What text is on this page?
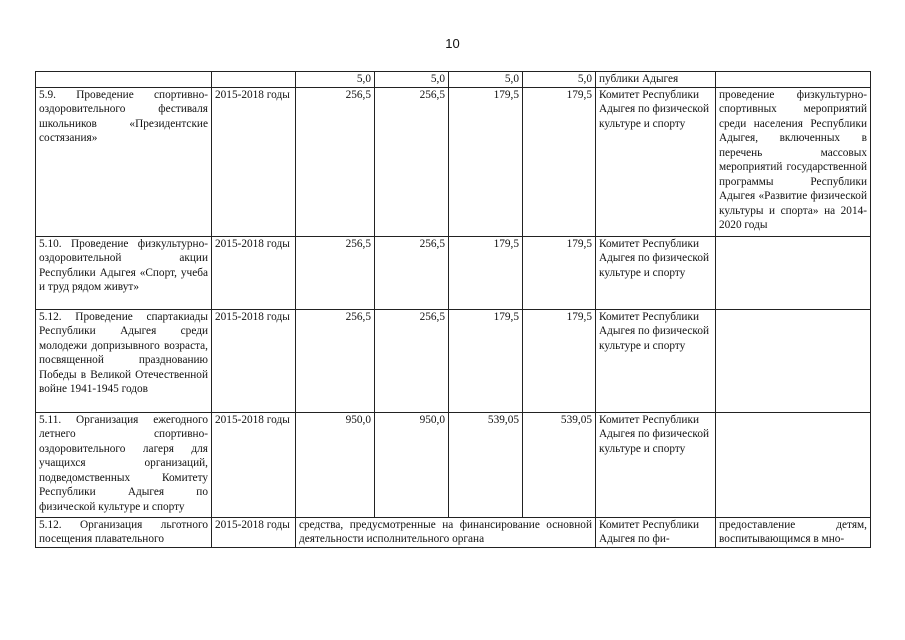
10
		5,0	5,0	5,0	5,0	публики Адыгея	
5.9. Проведение спортивно-оздоровительного фестиваля школьников «Президентские состязания»	2015-2018 годы	256,5	256,5	179,5	179,5	Комитет Республики Адыгея по физической культуре и спорту	проведение физкультурно-спортивных мероприятий среди населения Республики Адыгея, включенных в перечень массовых мероприятий государственной программы Республики Адыгея «Развитие физической культуры и спорта» на 2014-2020 годы
5.10. Проведение физкультурно-оздоровительной акции Республики Адыгея «Спорт, учеба и труд рядом живут»	2015-2018 годы	256,5	256,5	179,5	179,5	Комитет Республики Адыгея по физической культуре и спорту	
5.12. Проведение спартакиады Республики Адыгея среди молодежи допризывного возраста, посвященной празднованию Победы в Великой Отечественной войне 1941-1945 годов	2015-2018 годы	256,5	256,5	179,5	179,5	Комитет Республики Адыгея по физической культуре и спорту	
5.11. Организация ежегодного летнего спортивно-оздоровительного лагеря для учащихся организаций, подведомственных Комитету Республики Адыгея по физической культуре и спорту	2015-2018 годы	950,0	950,0	539,05	539,05	Комитет Республики Адыгея по физической культуре и спорту	
5.12. Организация льготного посещения плавательного	2015-2018 годы	средства, предусмотренные на финансирование основной деятельности исполнительного органа				Комитет Республики Адыгея по фи-	предоставление детям, воспитывающимся в мно-
